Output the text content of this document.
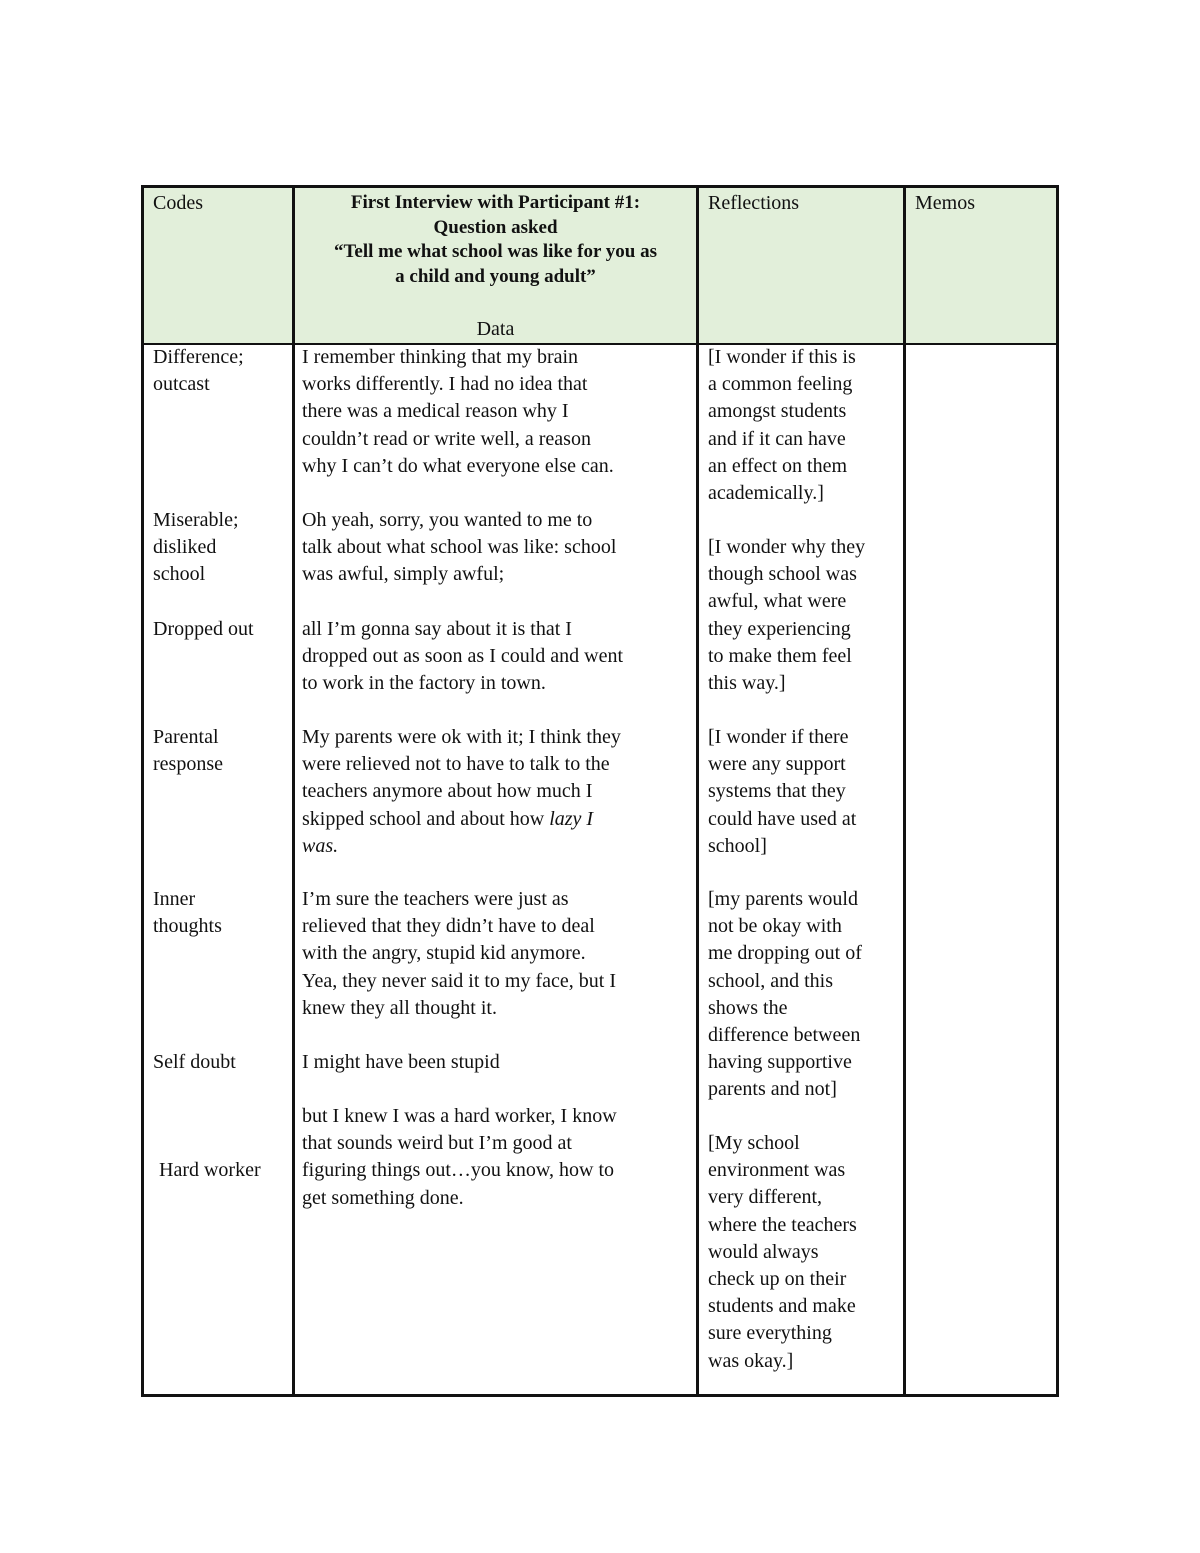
Codes	First Interview with Participant #1:
Question asked
“Tell me what school was like for you as
a child and young adult”
Data
Reflections	Memos

Difference;

outcast

Miserable;

disliked

school

Dropped out

Parental

response

Inner

thoughts

Self doubt

Hard worker

I remember thinking that my brain

works differently. I had no idea that

there was a medical reason why I

couldn’t read or write well, a reason

why I can’t do what everyone else can.

Oh yeah, sorry, you wanted to me to

talk about what school was like: school

was awful, simply awful;

all I’m gonna say about it is that I

dropped out as soon as I could and went

to work in the factory in town.

My parents were ok with it; I think they

were relieved not to have to talk to the

teachers anymore about how much I

skipped school and about how lazy I

was.

I’m sure the teachers were just as

relieved that they didn’t have to deal

with the angry, stupid kid anymore.

Yea, they never said it to my face, but I

knew they all thought it.

I might have been stupid

but I knew I was a hard worker, I know

that sounds weird but I’m good at

figuring things out…you know, how to

get something done.

[I wonder if this is

a common feeling

amongst students

and if it can have

an effect on them

academically.]

[I wonder why they

though school was

awful, what were

they experiencing

to make them feel

this way.]

[I wonder if there

were any support

systems that they

could have used at

school]

[my parents would

not be okay with

me dropping out of

school, and this

shows the

difference between

having supportive

parents and not]

[My school

environment was

very different,

where the teachers

would always

check up on their

students and make

sure everything

was okay.]
